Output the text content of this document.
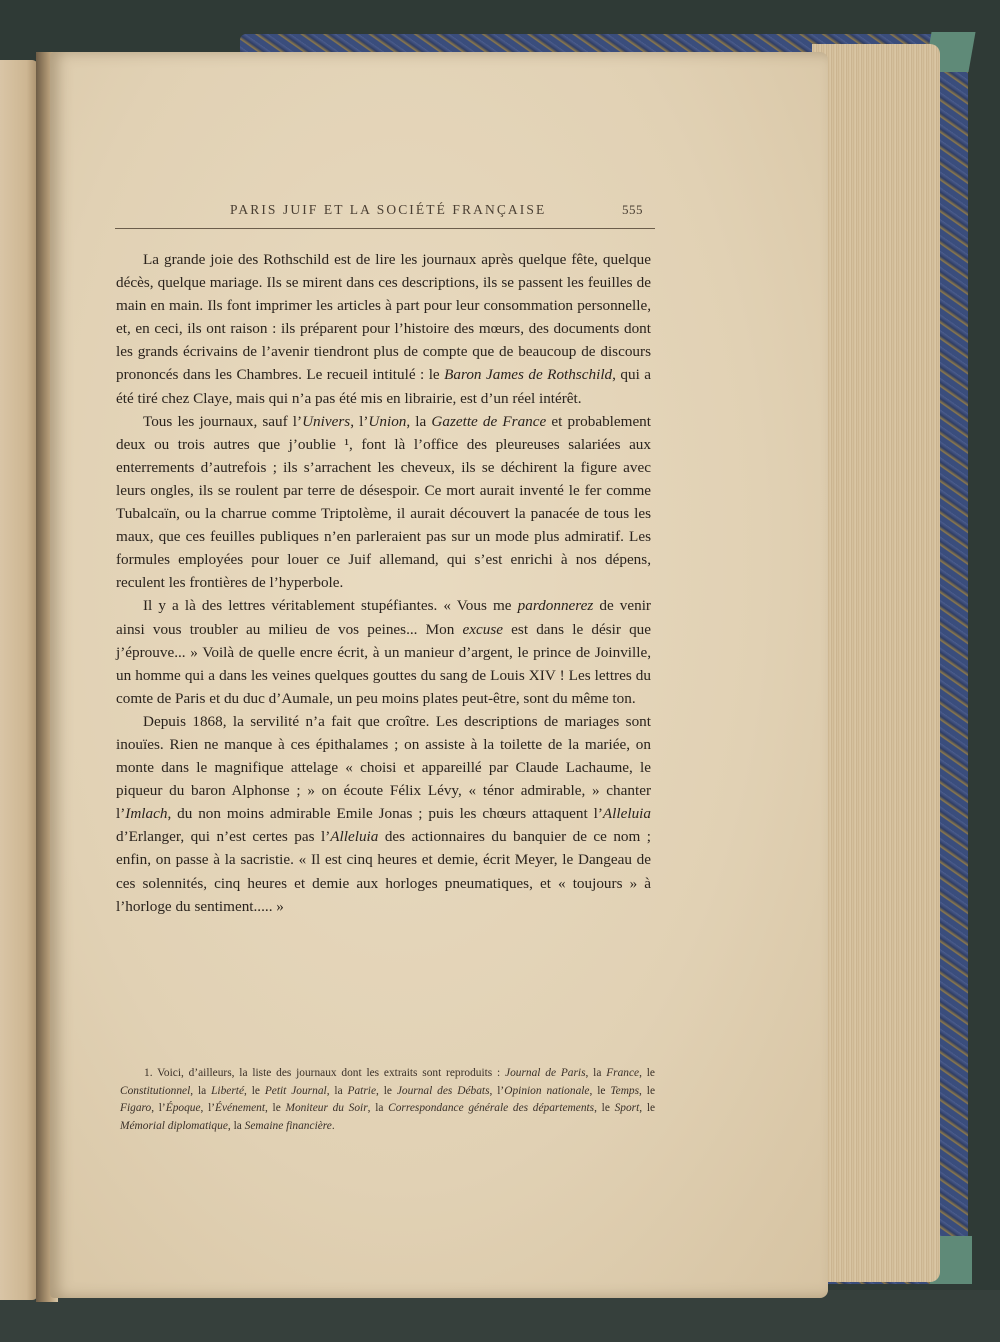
PARIS JUIF ET LA SOCIÉTÉ FRANÇAISE	555

La grande joie des Rothschild est de lire les journaux après quelque fête, quelque décès, quelque mariage. Ils se mirent dans ces descriptions, ils se passent les feuilles de main en main. Ils font imprimer les articles à part pour leur consommation personnelle, et, en ceci, ils ont raison : ils préparent pour l’histoire des mœurs, des documents dont les grands écrivains de l’avenir tiendront plus de compte que de beaucoup de discours prononcés dans les Chambres. Le recueil intitulé : le Baron James de Rothschild, qui a été tiré chez Claye, mais qui n’a pas été mis en librairie, est d’un réel intérêt.

Tous les journaux, sauf l’Univers, l’Union, la Gazette de France et probablement deux ou trois autres que j’oublie ¹, font là l’office des pleureuses salariées aux enterrements d’autrefois ; ils s’arrachent les cheveux, ils se déchirent la figure avec leurs ongles, ils se roulent par terre de désespoir. Ce mort aurait inventé le fer comme Tubalcaïn, ou la charrue comme Triptolème, il aurait découvert la panacée de tous les maux, que ces feuilles publiques n’en parleraient pas sur un mode plus admiratif. Les formules employées pour louer ce Juif allemand, qui s’est enrichi à nos dépens, reculent les frontières de l’hyperbole.

Il y a là des lettres véritablement stupéfiantes. « Vous me pardonnerez de venir ainsi vous troubler au milieu de vos peines... Mon excuse est dans le désir que j’éprouve... » Voilà de quelle encre écrit, à un manieur d’argent, le prince de Joinville, un homme qui a dans les veines quelques gouttes du sang de Louis XIV ! Les lettres du comte de Paris et du duc d’Aumale, un peu moins plates peut-être, sont du même ton.

Depuis 1868, la servilité n’a fait que croître. Les descriptions de mariages sont inouïes. Rien ne manque à ces épithalames ; on assiste à la toilette de la mariée, on monte dans le magnifique attelage « choisi et appareillé par Claude Lachaume, le piqueur du baron Alphonse ; » on écoute Félix Lévy, « ténor admirable, » chanter l’Imlach, du non moins admirable Emile Jonas ; puis les chœurs attaquent l’Alleluia d’Erlanger, qui n’est certes pas l’Alleluia des actionnaires du banquier de ce nom ; enfin, on passe à la sacristie. « Il est cinq heures et demie, écrit Meyer, le Dangeau de ces solennités, cinq heures et demie aux horloges pneumatiques, et « toujours » à l’horloge du sentiment..... »

1. Voici, d’ailleurs, la liste des journaux dont les extraits sont reproduits : Journal de Paris, la France, le Constitutionnel, la Liberté, le Petit Journal, la Patrie, le Journal des Débats, l’Opinion nationale, le Temps, le Figaro, l’Époque, l’Événement, le Moniteur du Soir, la Correspondance générale des départements, le Sport, le Mémorial diplomatique, la Semaine financière.
